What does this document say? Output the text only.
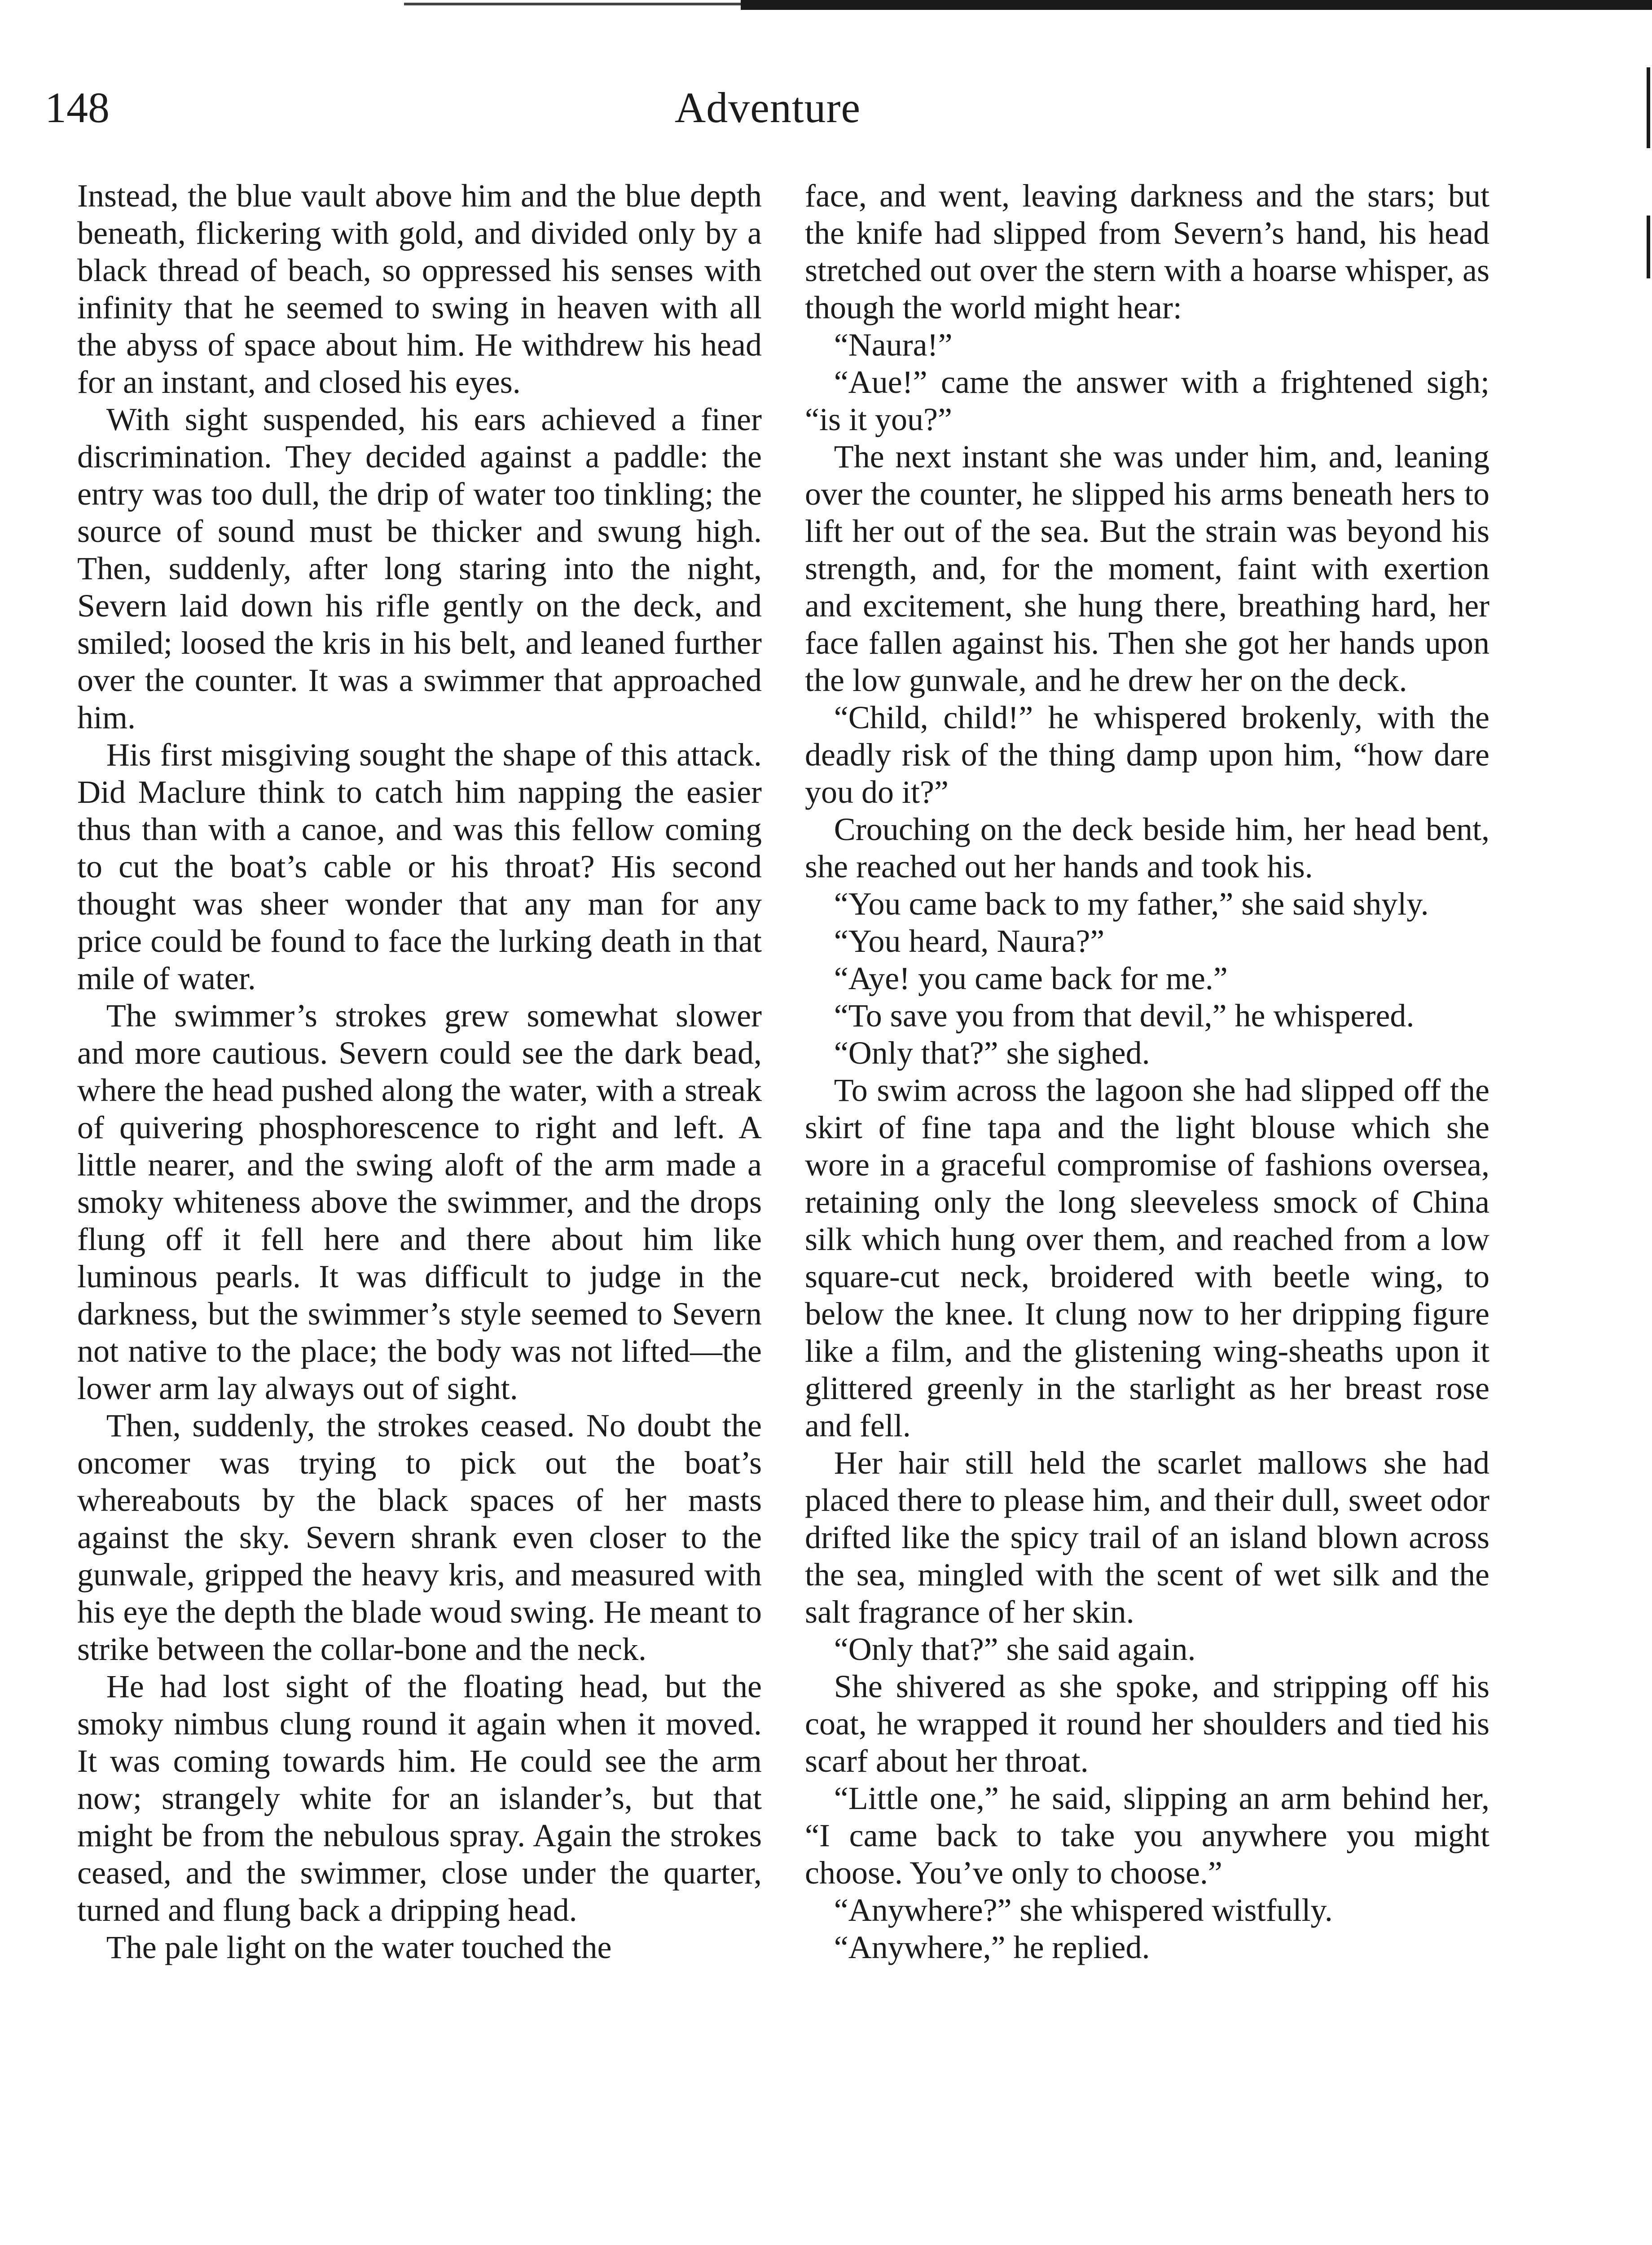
148	Adventure

Instead, the blue vault above him and the blue depth beneath, flickering with gold, and divided only by a black thread of beach, so oppressed his senses with infinity that he seemed to swing in heaven with all the abyss of space about him. He withdrew his head for an instant, and closed his eyes.

With sight suspended, his ears achieved a finer discrimination. They decided against a paddle: the entry was too dull, the drip of water too tinkling; the source of sound must be thicker and swung high. Then, suddenly, after long staring into the night, Severn laid down his rifle gently on the deck, and smiled; loosed the kris in his belt, and leaned further over the counter. It was a swimmer that approached him.

His first misgiving sought the shape of this attack. Did Maclure think to catch him napping the easier thus than with a canoe, and was this fellow coming to cut the boat’s cable or his throat? His second thought was sheer wonder that any man for any price could be found to face the lurking death in that mile of water.

The swimmer’s strokes grew somewhat slower and more cautious. Severn could see the dark bead, where the head pushed along the water, with a streak of quivering phosphorescence to right and left. A little nearer, and the swing aloft of the arm made a smoky whiteness above the swimmer, and the drops flung off it fell here and there about him like luminous pearls. It was difficult to judge in the darkness, but the swimmer’s style seemed to Severn not native to the place; the body was not lifted—the lower arm lay always out of sight.

Then, suddenly, the strokes ceased. No doubt the oncomer was trying to pick out the boat’s whereabouts by the black spaces of her masts against the sky. Severn shrank even closer to the gunwale, gripped the heavy kris, and measured with his eye the depth the blade woud swing. He meant to strike between the collar-bone and the neck.

He had lost sight of the floating head, but the smoky nimbus clung round it again when it moved. It was coming towards him. He could see the arm now; strangely white for an islander’s, but that might be from the nebulous spray. Again the strokes ceased, and the swimmer, close under the quarter, turned and flung back a dripping head.

The pale light on the water touched the

face, and went, leaving darkness and the stars; but the knife had slipped from Severn’s hand, his head stretched out over the stern with a hoarse whisper, as though the world might hear:

“Naura!”

“Aue!” came the answer with a frightened sigh; “is it you?”

The next instant she was under him, and, leaning over the counter, he slipped his arms beneath hers to lift her out of the sea. But the strain was beyond his strength, and, for the moment, faint with exertion and excitement, she hung there, breathing hard, her face fallen against his. Then she got her hands upon the low gunwale, and he drew her on the deck.

“Child, child!” he whispered brokenly, with the deadly risk of the thing damp upon him, “how dare you do it?”

Crouching on the deck beside him, her head bent, she reached out her hands and took his.

“You came back to my father,” she said shyly.

“You heard, Naura?”

“Aye! you came back for me.”

“To save you from that devil,” he whispered.

“Only that?” she sighed.

To swim across the lagoon she had slipped off the skirt of fine tapa and the light blouse which she wore in a graceful compromise of fashions oversea, retaining only the long sleeveless smock of China silk which hung over them, and reached from a low square-cut neck, broidered with beetle wing, to below the knee. It clung now to her dripping figure like a film, and the glistening wing-sheaths upon it glittered greenly in the starlight as her breast rose and fell.

Her hair still held the scarlet mallows she had placed there to please him, and their dull, sweet odor drifted like the spicy trail of an island blown across the sea, mingled with the scent of wet silk and the salt fragrance of her skin.

“Only that?” she said again.

She shivered as she spoke, and stripping off his coat, he wrapped it round her shoulders and tied his scarf about her throat.

“Little one,” he said, slipping an arm behind her, “I came back to take you anywhere you might choose. You’ve only to choose.”

“Anywhere?” she whispered wistfully.

“Anywhere,” he replied.
